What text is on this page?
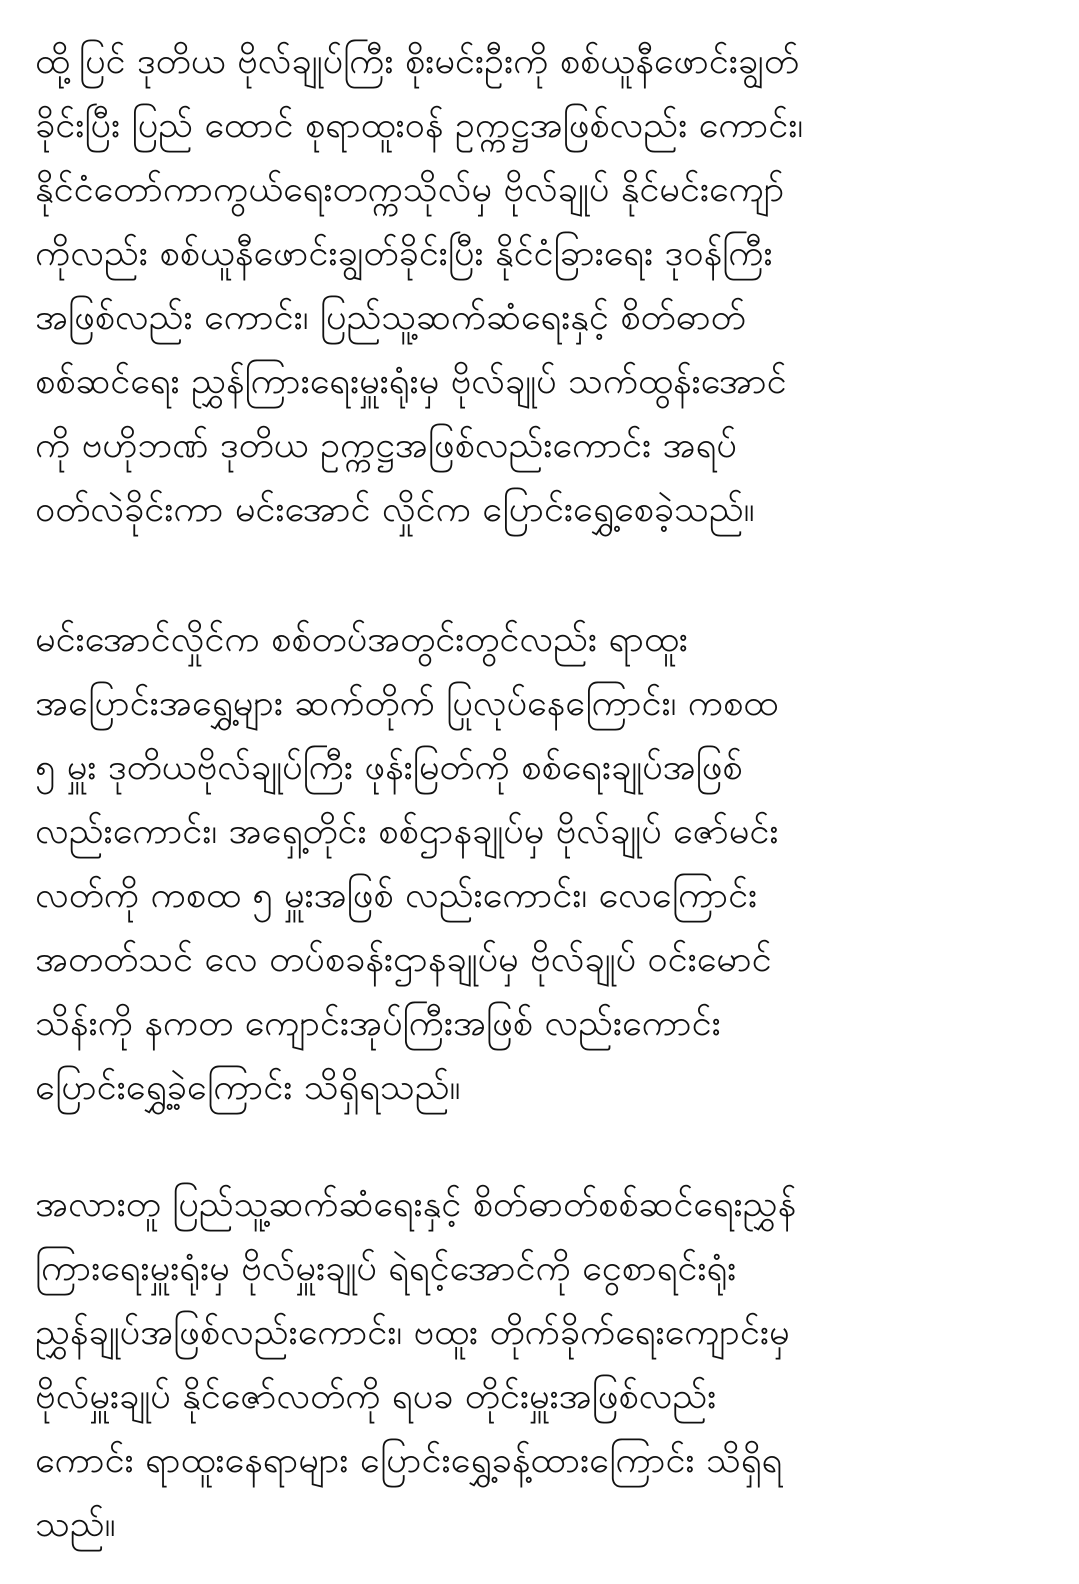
ထို့ပြင် ဒုတိယ ဗိုလ်ချုပ်ကြီး စိုးမင်းဦးကို စစ်ယူနီဖောင်းချွတ်
ခိုင်းပြီး ပြည် ထောင် စုရာထူးဝန် ဥက္ကဋ္ဌအဖြစ်လည်း ကောင်း၊
နိုင်ငံတော်ကာကွယ်ရေးတက္ကသိုလ်မှ ဗိုလ်ချုပ် နိုင်မင်းကျော်
ကိုလည်း စစ်ယူနီဖောင်းချွတ်ခိုင်းပြီး နိုင်ငံခြားရေး ဒုဝန်ကြီး
အဖြစ်လည်း ကောင်း၊ ပြည်သူ့ဆက်ဆံရေးနှင့် စိတ်ဓာတ်
စစ်ဆင်ရေး ညွှန်ကြားရေးမှူးရုံးမှ ဗိုလ်ချုပ် သက်ထွန်းအောင်
ကို ဗဟိုဘဏ် ဒုတိယ ဥက္ကဋ္ဌအဖြစ်လည်းကောင်း အရပ်
ဝတ်လဲခိုင်းကာ မင်းအောင် လှိုင်က ပြောင်းရွှေ့စေခဲ့သည်။

မင်းအောင်လှိုင်က စစ်တပ်အတွင်းတွင်လည်း ရာထူး
အပြောင်းအရွှေ့များ ဆက်တိုက် ပြုလုပ်နေကြောင်း၊ ကစထ
၅ မှူး ဒုတိယဗိုလ်ချုပ်ကြီး ဖုန်းမြတ်ကို စစ်ရေးချုပ်အဖြစ်
လည်းကောင်း၊ အရှေ့တိုင်း စစ်ဌာနချုပ်မှ ဗိုလ်ချုပ် ဇော်မင်း
လတ်ကို ကစထ ၅ မှူးအဖြစ် လည်းကောင်း၊ လေကြောင်း
အတတ်သင် လေ တပ်စခန်းဌာနချုပ်မှ ဗိုလ်ချုပ် ဝင်းမောင်
သိန်းကို နကတ ကျောင်းအုပ်ကြီးအဖြစ် လည်းကောင်း
ပြောင်းရွှေ့ခဲ့ကြောင်း သိရှိရသည်။

အလားတူ ပြည်သူ့ဆက်ဆံရေးနှင့် စိတ်ဓာတ်စစ်ဆင်ရေးညွှန်
ကြားရေးမှူးရုံးမှ ဗိုလ်မှူးချုပ် ရဲရင့်အောင်ကို ငွေစာရင်းရုံး
ညွှန်ချုပ်အဖြစ်လည်းကောင်း၊ ဗထူး တိုက်ခိုက်ရေးကျောင်းမှ
ဗိုလ်မှူးချုပ် နိုင်ဇော်လတ်ကို ရပခ တိုင်းမှူးအဖြစ်လည်း
ကောင်း ရာထူးနေရာများ ပြောင်းရွှေ့ခန့်ထားကြောင်း သိရှိရ
သည်။
